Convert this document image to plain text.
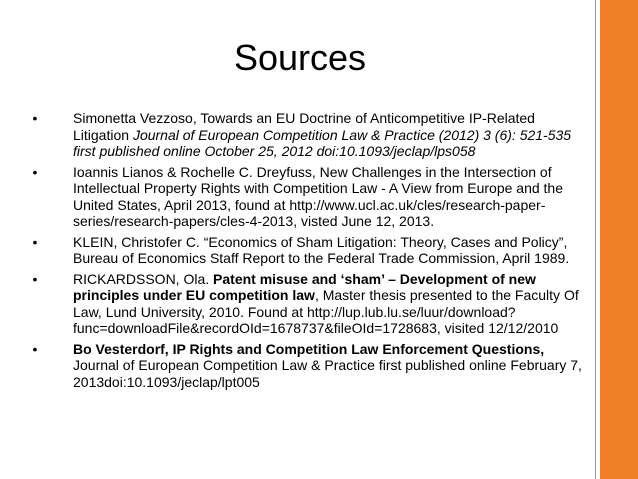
Sources
•	Simonetta Vezzoso, Towards an EU Doctrine of Anticompetitive IP-Related Litigation Journal of European Competition Law & Practice (2012) 3 (6): 521-535 first published online October 25, 2012 doi:10.1093/jeclap/lps058
•	Ioannis Lianos & Rochelle C. Dreyfuss, New Challenges in the Intersection of Intellectual Property Rights with Competition Law - A View from Europe and the United States, April 2013, found at http://www.ucl.ac.uk/cles/research-paper-series/research-papers/cles-4-2013, visted June 12, 2013.
•	KLEIN, Christofer C. “Economics of Sham Litigation: Theory, Cases and Policy”, Bureau of Economics Staff Report to the Federal Trade Commission, April 1989.
•	RICKARDSSON, Ola. Patent misuse and ‘sham’ – Development of new principles under EU competition law, Master thesis presented to the Faculty Of Law, Lund University, 2010. Found at http://lup.lub.lu.se/luur/download?func=downloadFile&recordOId=1678737&fileOId=1728683, visited 12/12/2010
•	Bo Vesterdorf, IP Rights and Competition Law Enforcement Questions, Journal of European Competition Law & Practice first published online February 7, 2013doi:10.1093/jeclap/lpt005
